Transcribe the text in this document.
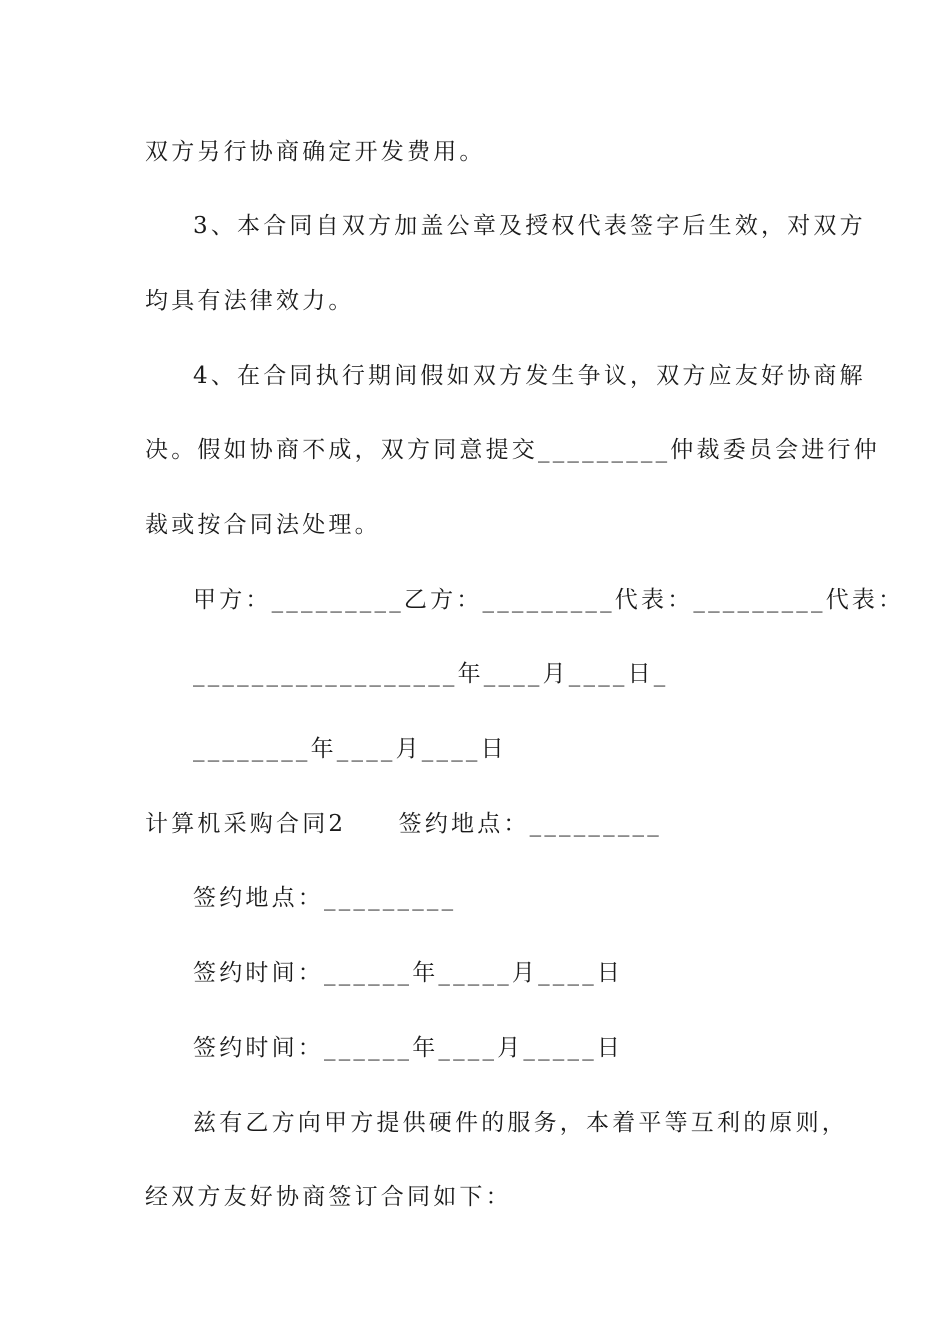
双方另行协商确定开发费用。
3、本合同自双方加盖公章及授权代表签字后生效，对双方
均具有法律效力。
4、在合同执行期间假如双方发生争议，双方应友好协商解
决。假如协商不成，双方同意提交_________仲裁委员会进行仲
裁或按合同法处理。
甲方：_________乙方：_________代表：_________代表：
__________________年____月____日_
________年____月____日
计算机采购合同2　　签约地点：_________
签约地点：_________
签约时间：______年_____月____日
签约时间：______年____月_____日
兹有乙方向甲方提供硬件的服务，本着平等互利的原则，
经双方友好协商签订合同如下：
